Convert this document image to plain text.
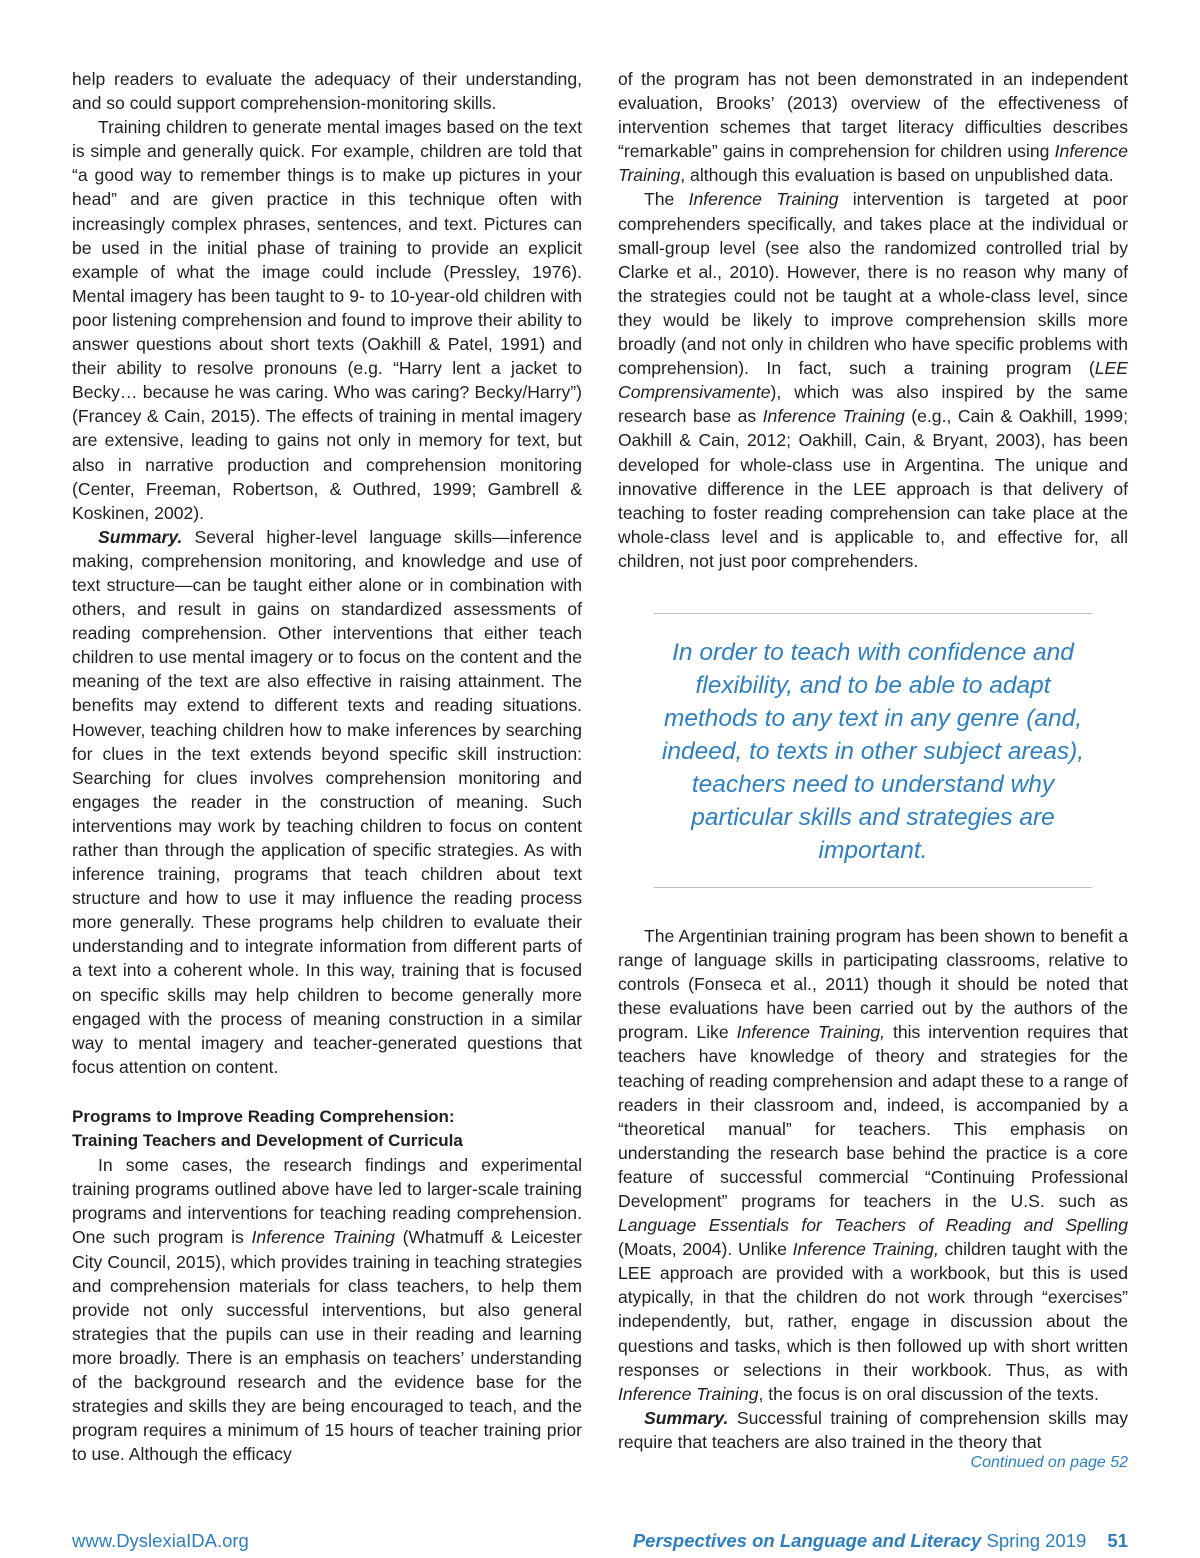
help readers to evaluate the adequacy of their understanding, and so could support comprehension-monitoring skills.

Training children to generate mental images based on the text is simple and generally quick. For example, children are told that “a good way to remember things is to make up pictures in your head” and are given practice in this technique often with increasingly complex phrases, sentences, and text. Pictures can be used in the initial phase of training to provide an explicit example of what the image could include (Pressley, 1976). Mental imagery has been taught to 9- to 10-year-old children with poor listening comprehension and found to improve their ability to answer questions about short texts (Oakhill & Patel, 1991) and their ability to resolve pronouns (e.g. “Harry lent a jacket to Becky… because he was caring. Who was caring? Becky/Harry”) (Francey & Cain, 2015). The effects of training in mental imagery are extensive, leading to gains not only in memory for text, but also in narrative production and comprehension monitoring (Center, Freeman, Robertson, & Outhred, 1999; Gambrell & Koskinen, 2002).

Summary. Several higher-level language skills—inference making, comprehension monitoring, and knowledge and use of text structure—can be taught either alone or in combination with others, and result in gains on standardized assessments of reading comprehension. Other interventions that either teach children to use mental imagery or to focus on the content and the meaning of the text are also effective in raising attainment. The benefits may extend to different texts and reading situations. However, teaching children how to make inferences by searching for clues in the text extends beyond specific skill instruction: Searching for clues involves comprehension monitoring and engages the reader in the construction of meaning. Such interventions may work by teaching children to focus on content rather than through the application of specific strategies. As with inference training, programs that teach children about text structure and how to use it may influence the reading process more generally. These programs help children to evaluate their understanding and to integrate information from different parts of a text into a coherent whole. In this way, training that is focused on specific skills may help children to become generally more engaged with the process of meaning construction in a similar way to mental imagery and teacher-generated questions that focus attention on content.

Programs to Improve Reading Comprehension:
Training Teachers and Development of Curricula

In some cases, the research findings and experimental training programs outlined above have led to larger-scale training programs and interventions for teaching reading comprehension. One such program is Inference Training (Whatmuff & Leicester City Council, 2015), which provides training in teaching strategies and comprehension materials for class teachers, to help them provide not only successful interventions, but also general strategies that the pupils can use in their reading and learning more broadly. There is an emphasis on teachers’ understanding of the background research and the evidence base for the strategies and skills they are being encouraged to teach, and the program requires a minimum of 15 hours of teacher training prior to use. Although the efficacy

of the program has not been demonstrated in an independent evaluation, Brooks’ (2013) overview of the effectiveness of intervention schemes that target literacy difficulties describes “remarkable” gains in comprehension for children using Inference Training, although this evaluation is based on unpublished data.

The Inference Training intervention is targeted at poor comprehenders specifically, and takes place at the individual or small-group level (see also the randomized controlled trial by Clarke et al., 2010). However, there is no reason why many of the strategies could not be taught at a whole-class level, since they would be likely to improve comprehension skills more broadly (and not only in children who have specific problems with comprehension). In fact, such a training program (LEE Comprensivamente), which was also inspired by the same research base as Inference Training (e.g., Cain & Oakhill, 1999; Oakhill & Cain, 2012; Oakhill, Cain, & Bryant, 2003), has been developed for whole-class use in Argentina. The unique and innovative difference in the LEE approach is that delivery of teaching to foster reading comprehension can take place at the whole-class level and is applicable to, and effective for, all children, not just poor comprehenders.

In order to teach with confidence and flexibility, and to be able to adapt methods to any text in any genre (and, indeed, to texts in other subject areas), teachers need to understand why particular skills and strategies are important.

The Argentinian training program has been shown to benefit a range of language skills in participating classrooms, relative to controls (Fonseca et al., 2011) though it should be noted that these evaluations have been carried out by the authors of the program. Like Inference Training, this intervention requires that teachers have knowledge of theory and strategies for the teaching of reading comprehension and adapt these to a range of readers in their classroom and, indeed, is accompanied by a “theoretical manual” for teachers. This emphasis on understanding the research base behind the practice is a core feature of successful commercial “Continuing Professional Development” programs for teachers in the U.S. such as Language Essentials for Teachers of Reading and Spelling (Moats, 2004). Unlike Inference Training, children taught with the LEE approach are provided with a workbook, but this is used atypically, in that the children do not work through “exercises” independently, but, rather, engage in discussion about the questions and tasks, which is then followed up with short written responses or selections in their workbook. Thus, as with Inference Training, the focus is on oral discussion of the texts.

Summary. Successful training of comprehension skills may require that teachers are also trained in the theory that

Continued on page 52
www.DyslexiaIDA.org	Perspectives on Language and Literacy Spring 2019 51
